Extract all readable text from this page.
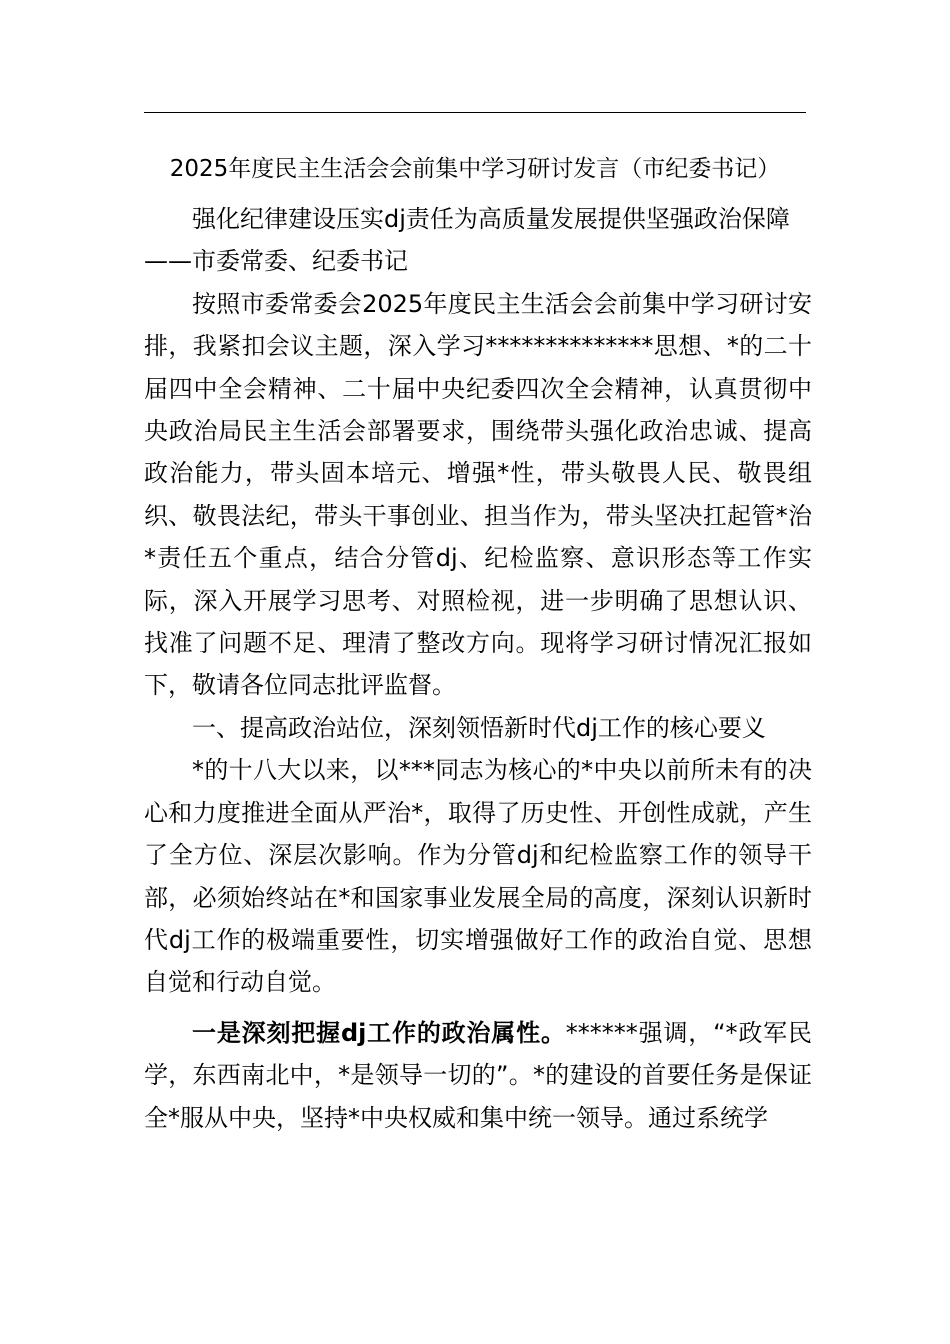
2025年度民主生活会会前集中学习研讨发言（市纪委书记）

强化纪律建设压实dj责任为高质量发展提供坚强政治保障

——市委常委、纪委书记

按照市委常委会2025年度民主生活会会前集中学习研讨安排，我紧扣会议主题，深入学习**************思想、*的二十届四中全会精神、二十届中央纪委四次全会精神，认真贯彻中央政治局民主生活会部署要求，围绕带头强化政治忠诚、提高政治能力，带头固本培元、增强*性，带头敬畏人民、敬畏组织、敬畏法纪，带头干事创业、担当作为，带头坚决扛起管*治*责任五个重点，结合分管dj、纪检监察、意识形态等工作实际，深入开展学习思考、对照检视，进一步明确了思想认识、找准了问题不足、理清了整改方向。现将学习研讨情况汇报如下，敬请各位同志批评监督。

一、提高政治站位，深刻领悟新时代dj工作的核心要义

*的十八大以来，以***同志为核心的*中央以前所未有的决心和力度推进全面从严治*，取得了历史性、开创性成就，产生了全方位、深层次影响。作为分管dj和纪检监察工作的领导干部，必须始终站在*和国家事业发展全局的高度，深刻认识新时代dj工作的极端重要性，切实增强做好工作的政治自觉、思想自觉和行动自觉。

一是深刻把握dj工作的政治属性。******强调，“*政军民学，东西南北中，*是领导一切的”。*的建设的首要任务是保证全*服从中央，坚持*中央权威和集中统一领导。通过系统学
